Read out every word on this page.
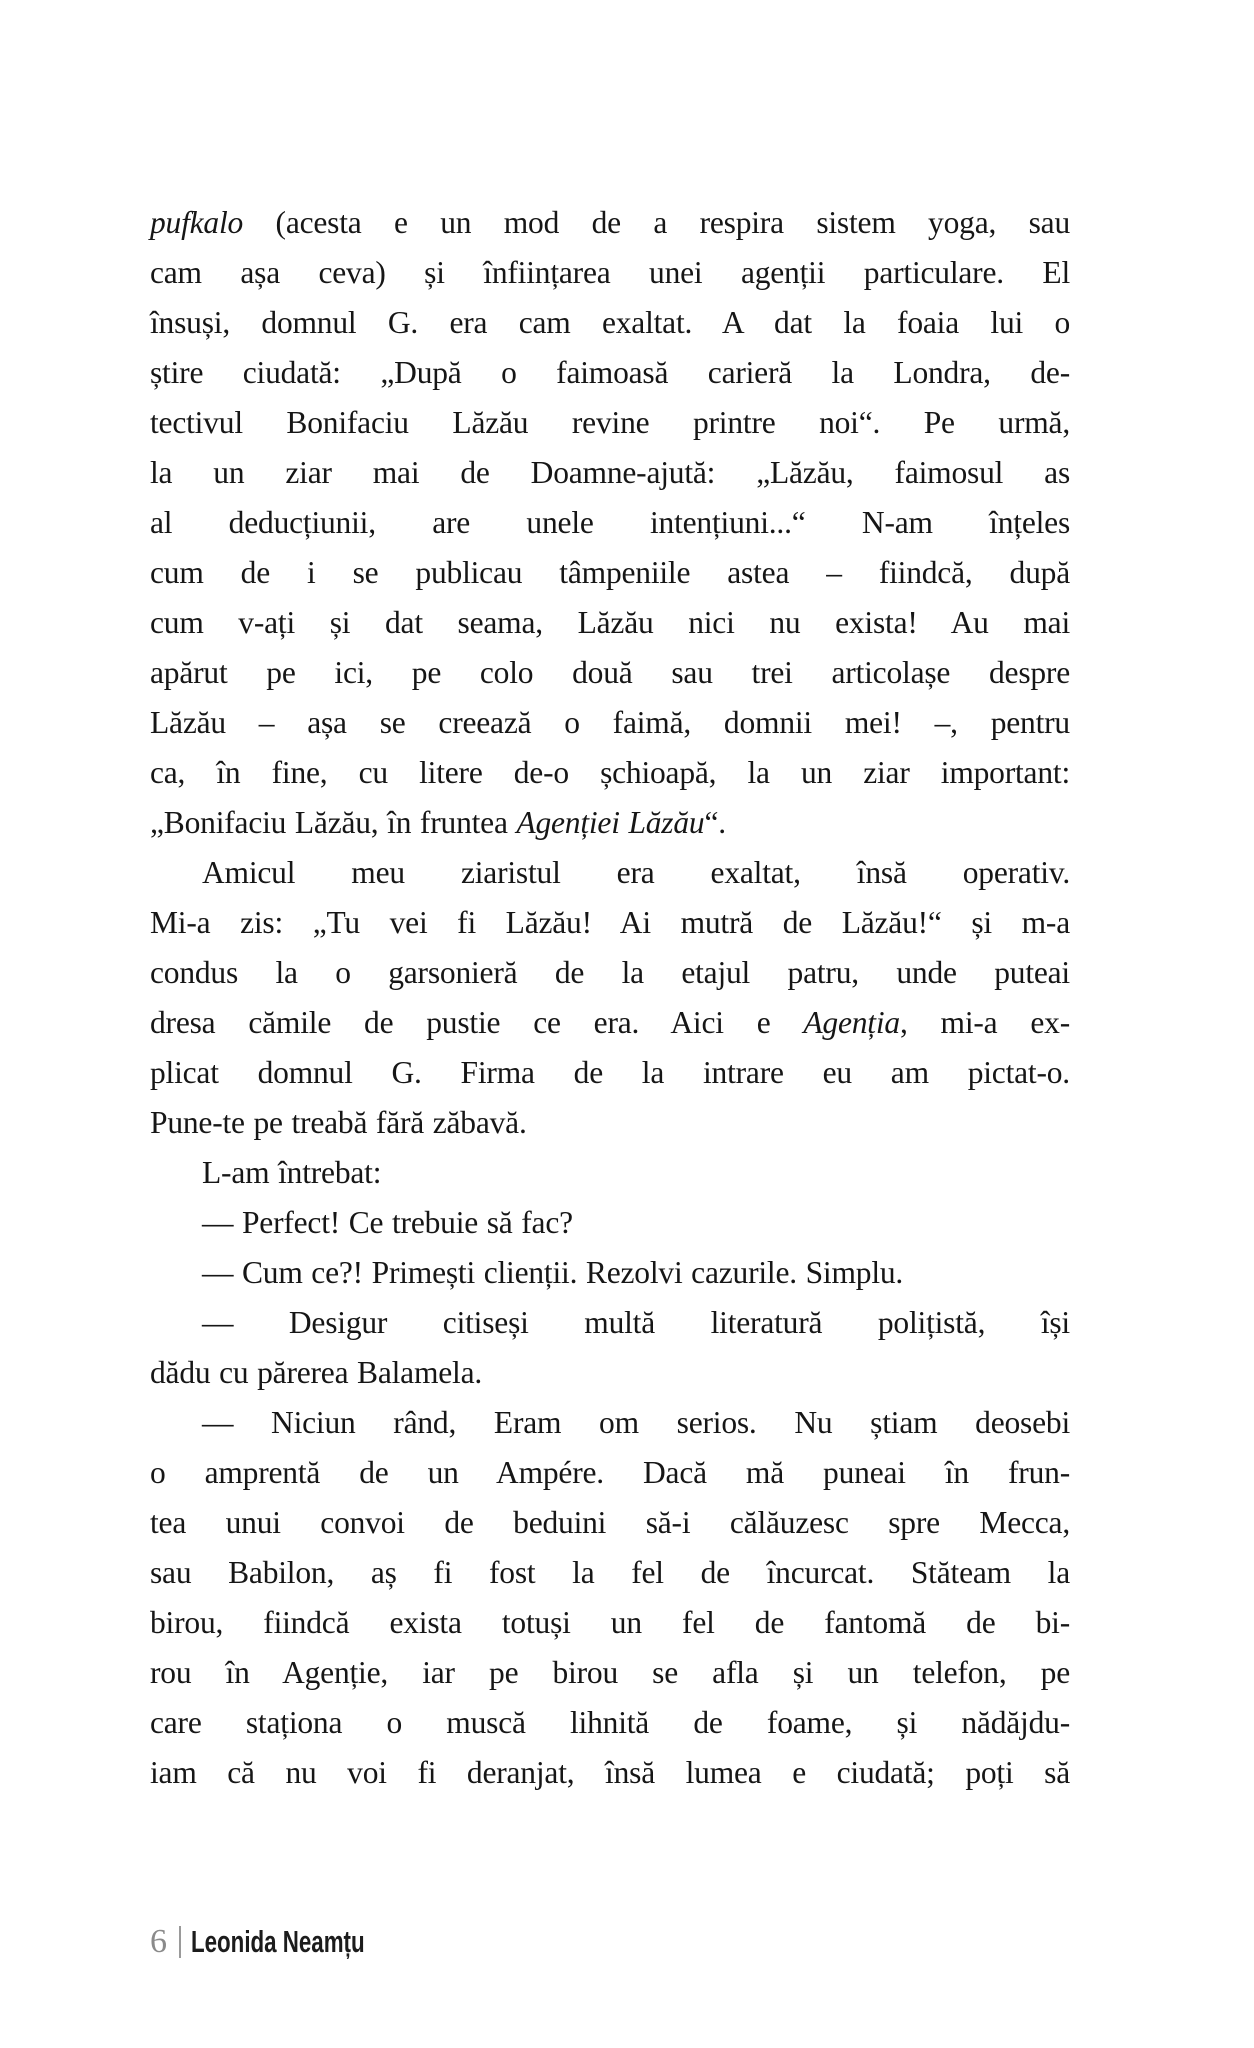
pufkalo (acesta e un mod de a respira sistem yoga, sau
cam așa ceva) și înființarea unei agenții particulare. El
însuși, domnul G. era cam exaltat. A dat la foaia lui o
știre ciudată: „După o faimoasă carieră la Londra, de-
tectivul Bonifaciu Lăzău revine printre noi“. Pe urmă,
la un ziar mai de Doamne-ajută: „Lăzău, faimosul as
al deducțiunii, are unele intențiuni...“ N-am înțeles
cum de i se publicau tâmpeniile astea – fiindcă, după
cum v-ați și dat seama, Lăzău nici nu exista! Au mai
apărut pe ici, pe colo două sau trei articolașe despre
Lăzău – așa se creează o faimă, domnii mei! –, pentru
ca, în fine, cu litere de-o șchioapă, la un ziar important:
„Bonifaciu Lăzău, în fruntea Agenției Lăzău“.
Amicul meu ziaristul era exaltat, însă operativ.
Mi-a zis: „Tu vei fi Lăzău! Ai mutră de Lăzău!“ și m-a
condus la o garsonieră de la etajul patru, unde puteai
dresa cămile de pustie ce era. Aici e Agenția, mi-a ex-
plicat domnul G. Firma de la intrare eu am pictat-o.
Pune-te pe treabă fără zăbavă.
L-am întrebat:
— Perfect! Ce trebuie să fac?
— Cum ce?! Primești clienții. Rezolvi cazurile. Simplu.
— Desigur citiseși multă literatură polițistă, își
dădu cu părerea Balamela.
— Niciun rând, Eram om serios. Nu știam deosebi
o amprentă de un Ampére. Dacă mă puneai în frun-
tea unui convoi de beduini să-i călăuzesc spre Mecca,
sau Babilon, aș fi fost la fel de încurcat. Stăteam la
birou, fiindcă exista totuși un fel de fantomă de bi-
rou în Agenție, iar pe birou se afla și un telefon, pe
care staționa o muscă lihnită de foame, și nădăjdu-
iam că nu voi fi deranjat, însă lumea e ciudată; poți să
6 Leonida Neamțu
